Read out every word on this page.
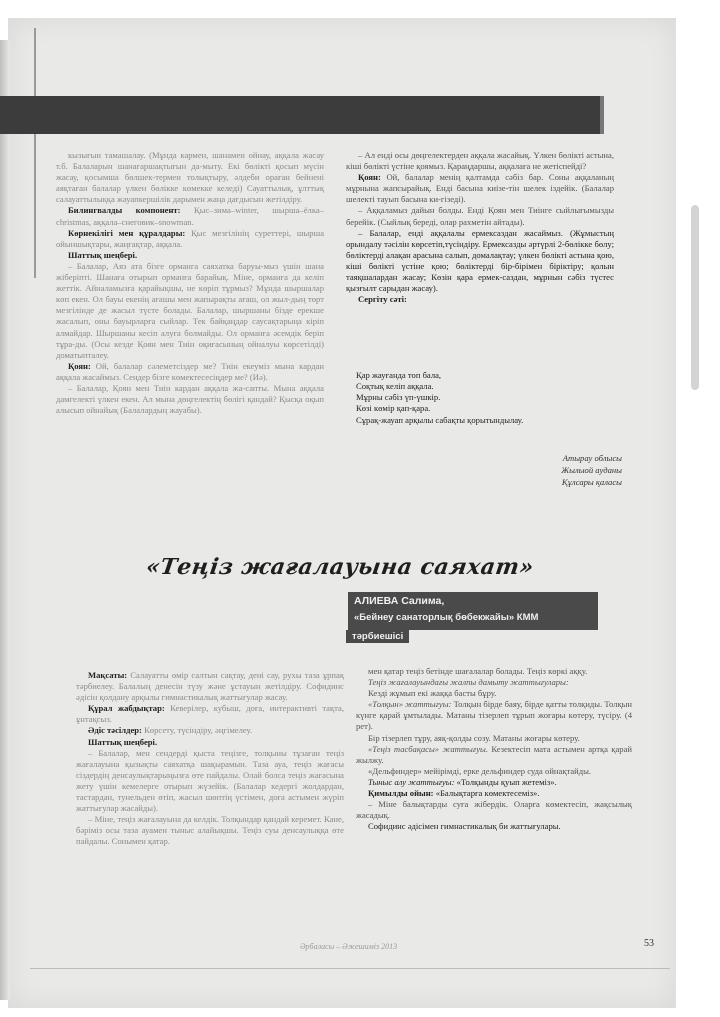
кызығын тамашалау. (Мұнда кармен, шанамен ойнау, аққала жасау т.б. Балаларын шанағаршақтығын да-мыту. Екі бөлікті қосып мүсін жасау, қосымша бөлшек-термен толықтыру, әлдеби ораған бейнені аяқтаған балалар үлкен бөлікке көмекке келеді) Сауаттылық, ұлттық салауаттылыққа жауапкершілік дарымен жаңа дағдысын жетілдіру.

Билингвалды компонент: Қыс–зима–winter, шырша–ёлка–christmas, аққала–снеговик–snowman.

Көрнекілігі мен құралдары: Қыс мезгілінің суреттері, шырша ойыншықтары, жаңғақтар, аққала.

Шаттық шеңбері.

– Балалар, Аяз ата бізге ормангa саяхатка баруы-мыз үшін шана жіберіпті. Шанаға отырып орманға барайық. Міне, орманға да келіп жеттік. Айналамызға қарайықшы, не көріп тұрмыз? Мұнда шыршалар көп екен. Ол бауы екенің ағашы мен жапырақты ағаш, ол жыл-дың төрт мезгілінде де жасыл түсте болады. Балалар, шыршаны бізде ерекше жасалып, оны бауырларға сыйлар. Тек байқаңдар саусақтарыңа кіріп алмайдар. Шыршаны кесіп алуға болмайды. Ол орманға әсемдік беріп тұра-ды. (Осы кезде Қоян мен Тиін оқиғасының ойналуы көрсетілді) доматыпталеу.

Қоян: Ой, балалар сәлеметсіздер ме? Тиін екеуміз мына кардан аққала жасаймыз. Сендер бізге көмектесесіңдер ме? (Иә).

– Балалар, Қоян мен Тиін кардан аққала жа-сапты. Мына аққала дамгелекті үлкен екен. Ал мына дөңгелектің бөлігі қандай? Қысқа оқып алысып ойнайық (Балалардың жауабы).

– Ал енді осы дөңгелектерден аққала жасайық. Үлкен бөлікті астына, кіші бөлікті үстіне қоямыз. Қараңдаршы, аққалаға не жетіспейді?

Қоян: Ой, балалар менің қалтамда сәбіз бар. Соны аққаланың мұрнына жапсырайық. Енді басына киізе-тін шелек іздейік. (Балалар шелекті тауып басына ки-гізеді).

– Аққаламыз дайын болды. Енді Қоян мен Тиінге сыйлығымызды берейік. (Сыйлық береді, олар рахметін айтады).

– Балалар, енді аққалалы ермексаздан жасаймыз. (Жұмыстың орындалу тәсілін көрсетіп,түсіндіру. Ермексазды әртүрлі 2-бөлікке бөлу; бөліктерді алақан арасына салып, домалақтау; үлкен бөлікті астына қою, кіші бөлікті үстіне қою; бөліктерді бір-бірімен біріктіру; қолын таяқшалардан жасау; Көзін қара ермек-саздан, мұрнын сәбіз түстес қызғылт сарыдан жасау).

Сергіту сәті:

Қар жауғанда топ бала,
Соқтық келіп аққала.
Мұрны сәбіз үп-үшкір.
Көзі көмір қап-қара.

Сұрақ-жауап арқылы сабақты қорытындылау.

Атырау облысы
Жылыой ауданы
Құлсары қаласы
«Теңіз жағалауына саяхат»
АЛИЕВА Салима,
«Бейнеу санаторлық бөбекжайы» КММ
тәрбиешісі

Мақсаты: Салауатты өмір салтын сақтау, дені сау, рухы таза ұрпақ тәрбиелеу. Балалың денесін түзу және ұстауын жетілдіру. Софидинс әдісін қолдану арқылы гимнастикалық жаттығулар жасау.

Құрал жабдықтар: Кеверілер, кубыш, доға, интерактивті тақта, ұнтақсыз.

Әдіс тәсілдер: Көрсету, түсіндіру, әңгімелеу.

Шаттық шеңбері.

– Балалар, мен сендерді қыста теңізге, толқыны тұзаған теңіз жағалауына қызықты саяхатқа шақырамын. Таза ауа, теңіз жағасы сіздердің денсаулықтарыңызға өте пайдалы. Олай болса теңіз жағасына жету үшін кемелерге отырып жүзейік. (Балалар кедергі жолдардан, тастардан, тунельден өтіп, жасыл шөптің үстімен, доға астымен жүріп жаттығулар жасайды).

– Міне, теңіз жағалауына да келдік. Толқындар қандай керемет. Кане, бәріміз осы таза ауамен тыныс алайықшы. Теңіз суы денсаулыққа өте пайдалы. Сонымен қатар.

мен қатар теңіз бетінде шағалалар болады. Теңіз көркі аққу.

Теңіз жағалауындағы жалпы дамыту жаттығулары:

Кезді жұмып екі жаққа басты бұру.

«Толқын» жаттығуы: Толқын бірде баяу, бірде қатты толқиды. Толқын күнге қарай ұмтылады. Матаны тізерлеп тұрып жоғары көтеру, түсіру. (4 рет).

Бір тізерлеп тұру, аяқ-қолды созу. Матаны жоғары көтеру.

«Теңіз тасбақасы» жаттығуы. Кезектесіп мата астымен артқа қарай жылжу.

«Дельфиндер» мейірімді, ерке дельфиндер суда ойнақтайды.

Тыныс алу жаттығуы: «Толқынды қуып жетеміз».

Қимылды ойын: «Балықтарға көмектесеміз».

– Міне балықтарды суға жібердік. Оларға көмектесіп, жақсылық жасадық.

Софидинс әдісімен гимнастикалық би жаттығулары.

Әрбаласы – Әжешиміз 2013	53
